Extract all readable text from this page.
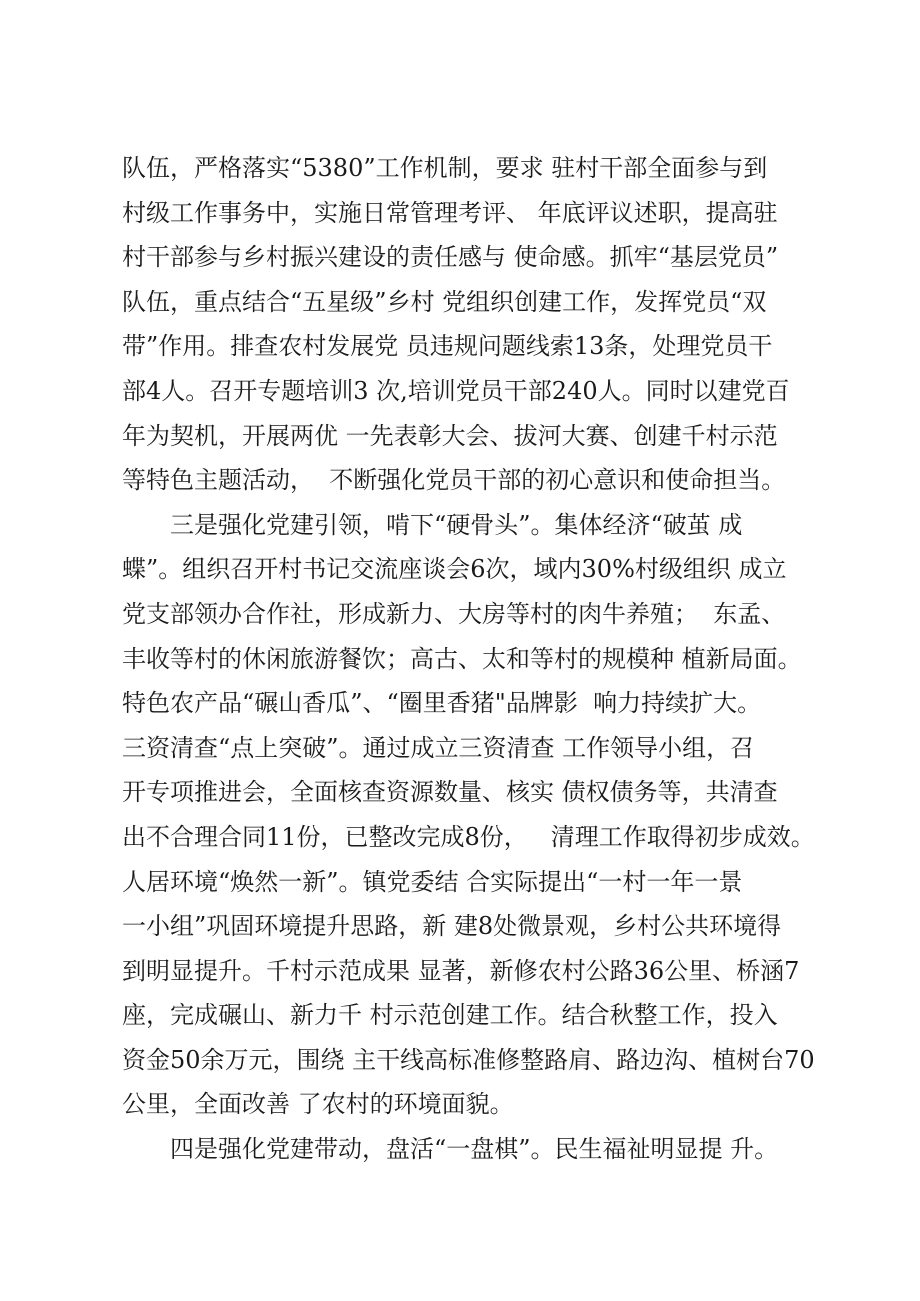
队伍，严格落实“5380”工作机制，要求 驻村干部全面参与到
村级工作事务中，实施日常管理考评、 年底评议述职，提高驻
村干部参与乡村振兴建设的责任感与 使命感。抓牢“基层党员”
队伍，重点结合“五星级”乡村 党组织创建工作，发挥党员“双
带”作用。排查农村发展党 员违规问题线索13条，处理党员干
部4人。召开专题培训3 次,培训党员干部240人。同时以建党百
年为契机，开展两优 一先表彰大会、拔河大赛、创建千村示范
等特色主题活动，  不断强化党员干部的初心意识和使命担当。
三是强化党建引领，啃下“硬骨头”。集体经济“破茧 成
蝶”。组织召开村书记交流座谈会6次，域内30%村级组织 成立
党支部领办合作社，形成新力、大房等村的肉牛养殖；  东孟、
丰收等村的休闲旅游餐饮；高古、太和等村的规模种 植新局面。
特色农产品“碾山香瓜”、“圈里香猪"品牌影  响力持续扩大。
三资清查“点上突破”。通过成立三资清查 工作领导小组，召
开专项推进会，全面核查资源数量、核实 债权债务等，共清查
出不合理合同11份，已整改完成8份，   清理工作取得初步成效。
人居环境“焕然一新”。镇党委结 合实际提出“一村一年一景
一小组”巩固环境提升思路，新 建8处微景观，乡村公共环境得
到明显提升。千村示范成果 显著，新修农村公路36公里、桥涵7
座，完成碾山、新力千 村示范创建工作。结合秋整工作，投入
资金50余万元，围绕 主干线高标准修整路肩、路边沟、植树台70
公里，全面改善 了农村的环境面貌。
四是强化党建带动，盘活“一盘棋”。民生福祉明显提 升。
